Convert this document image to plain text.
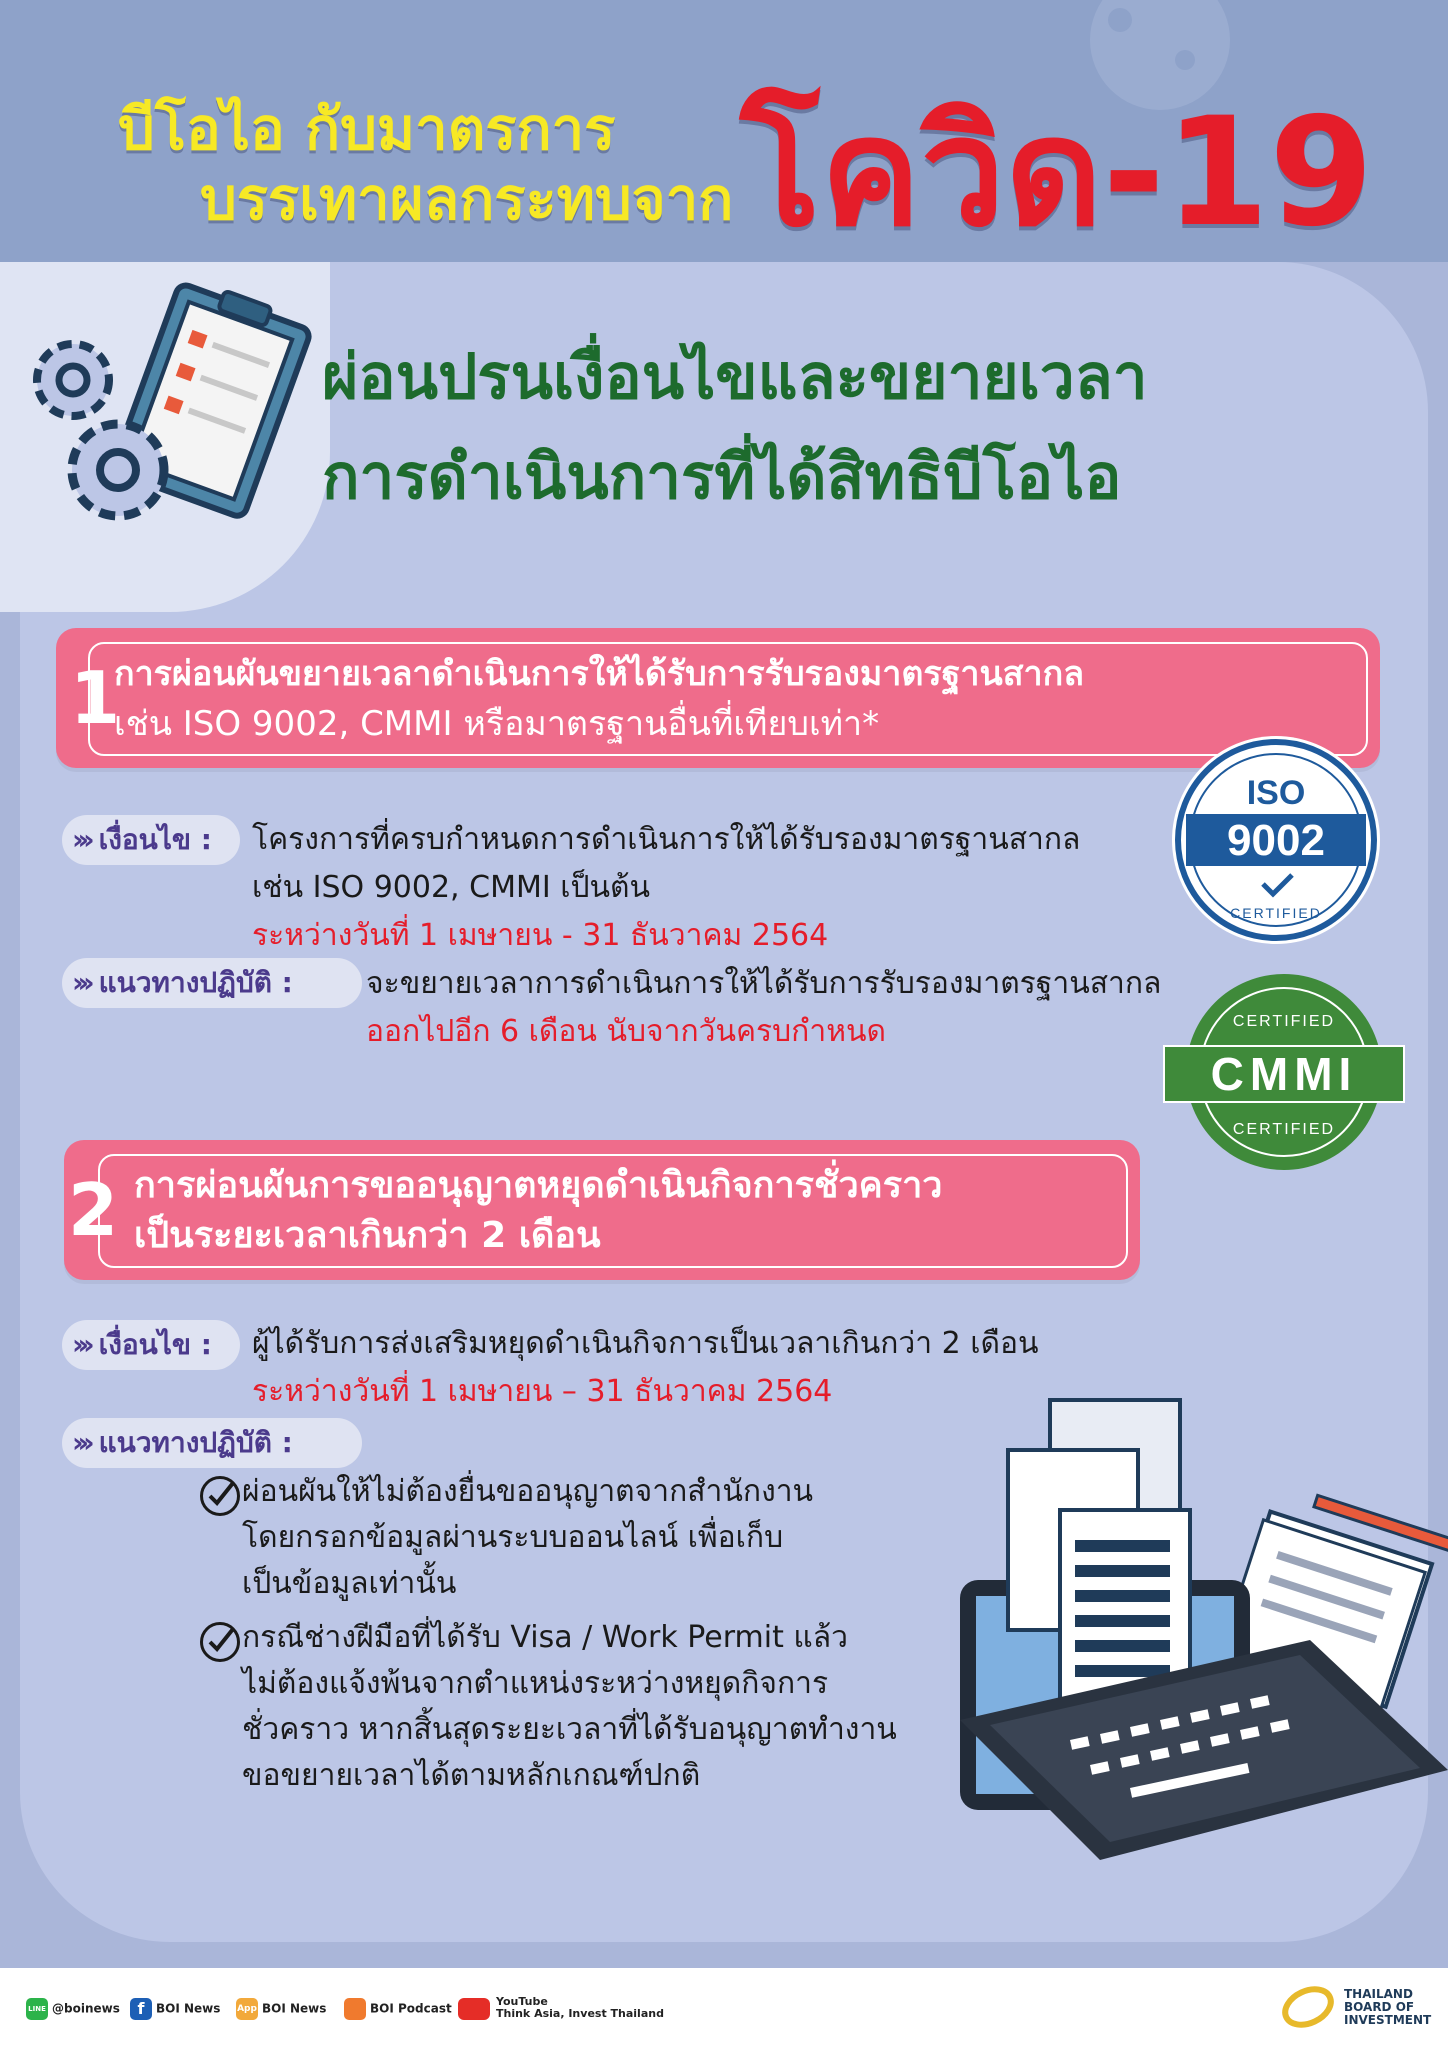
บีโอไอ กับมาตรการ
บรรเทาผลกระทบจาก โควิด-19
ผ่อนปรนเงื่อนไขและขยายเวลา
การดำเนินการที่ได้สิทธิบีโอไอ
1
การผ่อนผันขยายเวลาดำเนินการให้ได้รับการรับรองมาตรฐานสากล
เช่น ISO 9002, CMMI หรือมาตรฐานอื่นที่เทียบเท่า*
››› เงื่อนไข : โครงการที่ครบกำหนดการดำเนินการให้ได้รับรองมาตรฐานสากล
เช่น ISO 9002, CMMI เป็นต้น
ระหว่างวันที่ 1 เมษายน - 31 ธันวาคม 2564
››› แนวทางปฏิบัติ : จะขยายเวลาการดำเนินการให้ได้รับการรับรองมาตรฐานสากล
ออกไปอีก 6 เดือน นับจากวันครบกำหนด
ISO
9002
CERTIFIED
CERTIFIED
CMMI
CERTIFIED
2 การผ่อนผันการขออนุญาตหยุดดำเนินกิจการชั่วคราว
เป็นระยะเวลาเกินกว่า 2 เดือน
››› เงื่อนไข : ผู้ได้รับการส่งเสริมหยุดดำเนินกิจการเป็นเวลาเกินกว่า 2 เดือน
ระหว่างวันที่ 1 เมษายน – 31 ธันวาคม 2564
››› แนวทางปฏิบัติ :
ผ่อนผันให้ไม่ต้องยื่นขออนุญาตจากสำนักงาน
โดยกรอกข้อมูลผ่านระบบออนไลน์ เพื่อเก็บ
เป็นข้อมูลเท่านั้น
กรณีช่างฝีมือที่ได้รับ Visa / Work Permit แล้ว
ไม่ต้องแจ้งพ้นจากตำแหน่งระหว่างหยุดกิจการ
ชั่วคราว หากสิ้นสุดระยะเวลาที่ได้รับอนุญาตทำงาน
ขอขยายเวลาได้ตามหลักเกณฑ์ปกติ
LINE @boinews	f BOI News App BOI News	BOI Podcast	YouTube
Think Asia, Invest Thailand
THAILAND
BOARD OF
INVESTMENT
